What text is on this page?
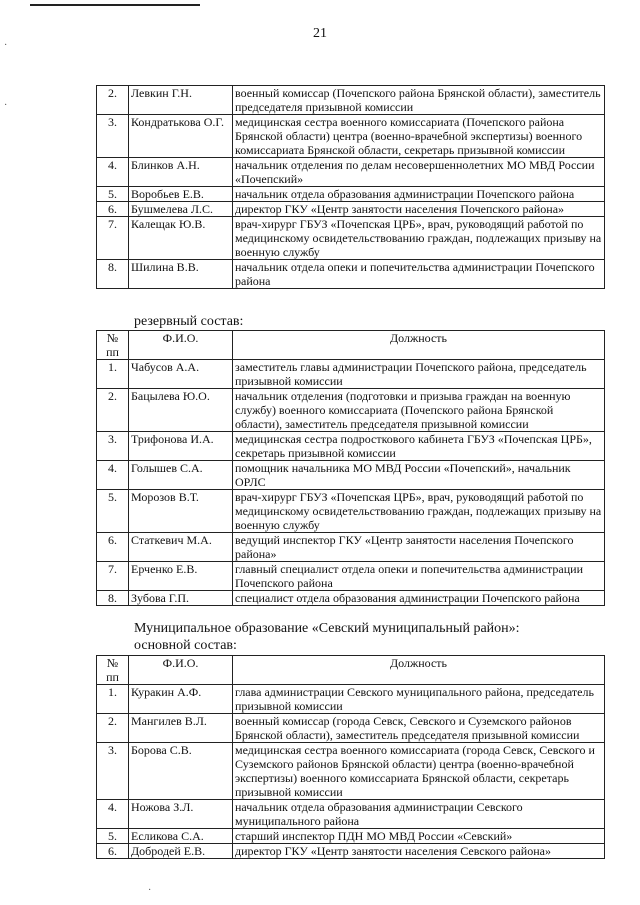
·
·
·
21
2.	Левкин Г.Н.	военный комиссар (Почепского района Брянской области), заместитель председателя призывной комиссии
3.	Кондратькова О.Г.	медицинская сестра военного комиссариата (Почепского района Брянской области) центра (военно-врачебной экспертизы) военного комиссариата Брянской области, секретарь призывной комиссии
4.	Блинков А.Н.	начальник отделения по делам несовершеннолетних МО МВД России «Почепский»
5.	Воробьев Е.В.	начальник отдела образования администрации Почепского района
6.	Бушмелева Л.С.	директор ГКУ «Центр занятости населения Почепского района»
7.	Калещак Ю.В.	врач-хирург ГБУЗ «Почепская ЦРБ», врач, руководящий работой по медицинскому освидетельствованию граждан, подлежащих призыву на военную службу
8.	Шилина В.В.	начальник отдела опеки и попечительства администрации Почепского района
резервный состав:
№ пп	Ф.И.О.	Должность
1.	Чабусов А.А.	заместитель главы администрации Почепского района, председатель призывной комиссии
2.	Бацылева Ю.О.	начальник отделения (подготовки и призыва граждан на военную службу) военного комиссариата (Почепского района Брянской области), заместитель председателя призывной комиссии
3.	Трифонова И.А.	медицинская сестра подросткового кабинета ГБУЗ «Почепская ЦРБ», секретарь призывной комиссии
4.	Голышев С.А.	помощник начальника МО МВД России «Почепский», начальник ОРЛС
5.	Морозов В.Т.	врач-хирург ГБУЗ «Почепская ЦРБ», врач, руководящий работой по медицинскому освидетельствованию граждан, подлежащих призыву на военную службу
6.	Статкевич М.А.	ведущий инспектор ГКУ «Центр занятости населения Почепского района»
7.	Ерченко Е.В.	главный специалист отдела опеки и попечительства администрации Почепского района
8.	Зубова Г.П.	специалист отдела образования администрации Почепского района
Муниципальное образование «Севский муниципальный район»:
основной состав:
№ пп	Ф.И.О.	Должность
1.	Куракин А.Ф.	глава администрации Севского муниципального района, председатель призывной комиссии
2.	Мангилев В.Л.	военный комиссар (города Севск, Севского и Суземского районов Брянской области), заместитель председателя призывной комиссии
3.	Борова С.В.	медицинская сестра военного комиссариата (города Севск, Севского и Суземского районов Брянской области) центра (военно-врачебной экспертизы) военного комиссариата Брянской области, секретарь призывной комиссии
4.	Ножова З.Л.	начальник отдела образования администрации Севского муниципального района
5.	Есликова С.А.	старший инспектор ПДН МО МВД России «Севский»
6.	Добродей Е.В.	директор ГКУ «Центр занятости населения Севского района»
